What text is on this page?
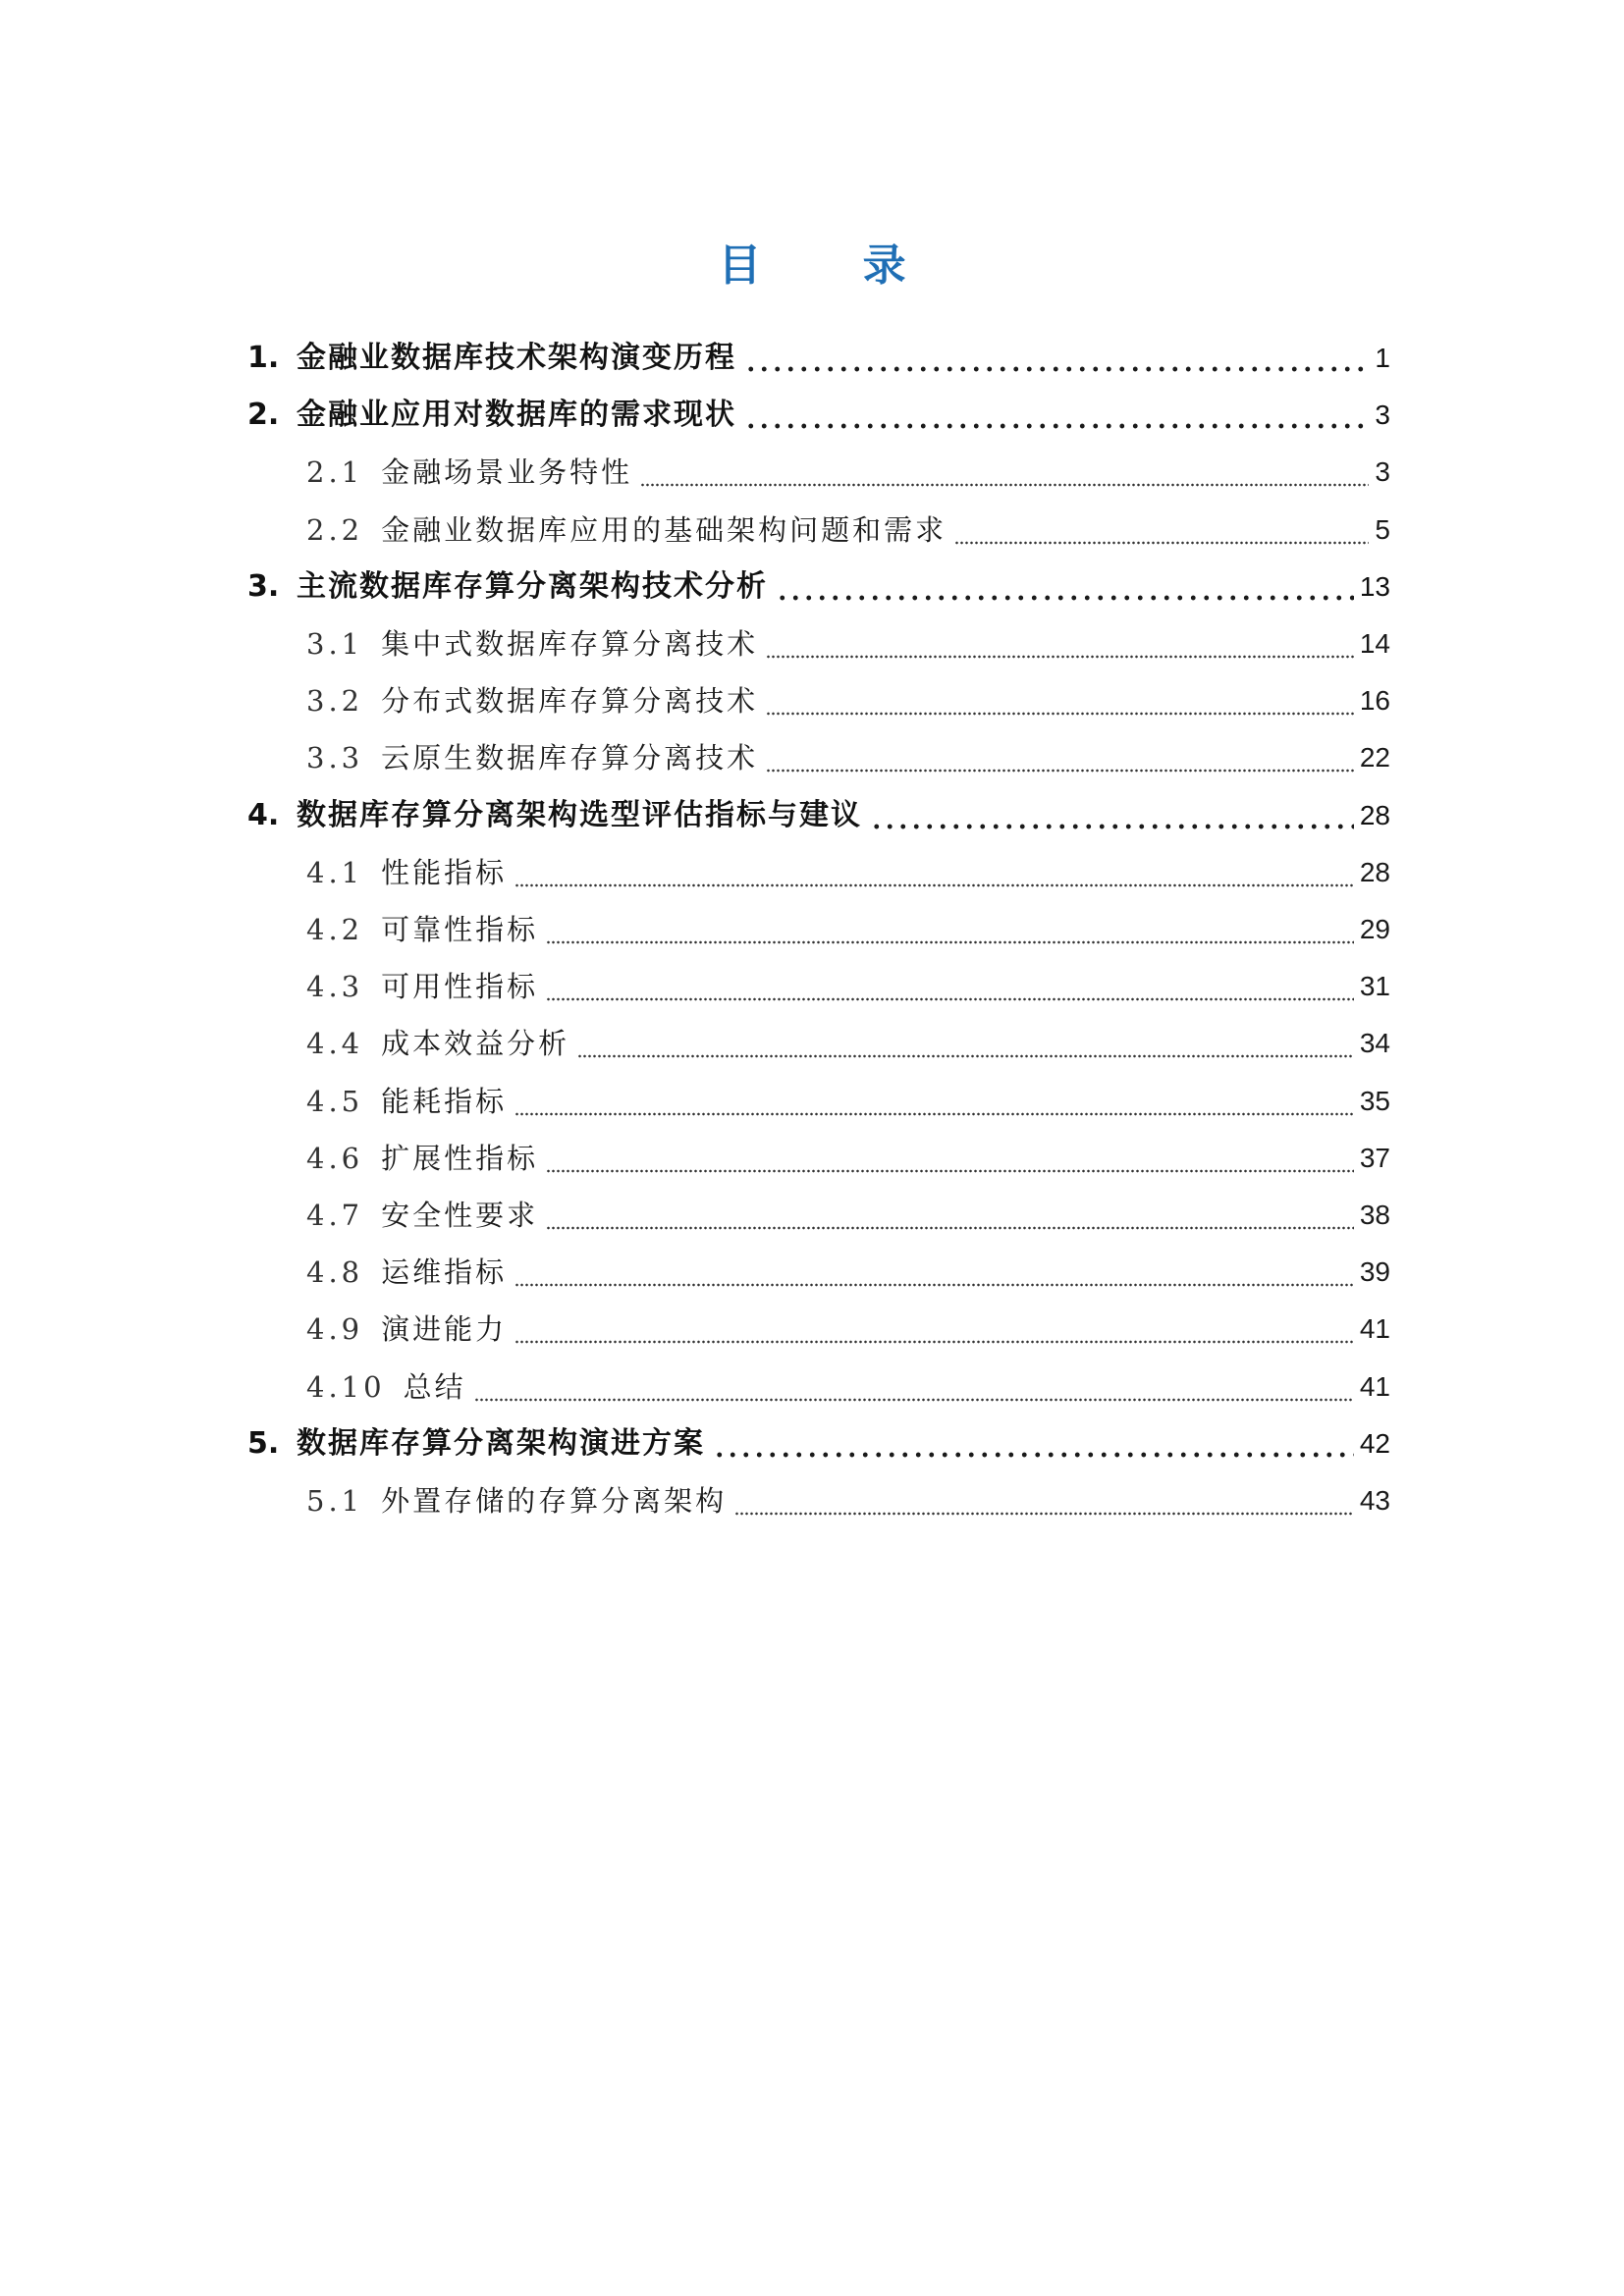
目 录
1. 金融业数据库技术架构演变历程	1
2. 金融业应用对数据库的需求现状	3
2.1 金融场景业务特性	3
2.2 金融业数据库应用的基础架构问题和需求	5
3. 主流数据库存算分离架构技术分析	13
3.1 集中式数据库存算分离技术	14
3.2 分布式数据库存算分离技术	16
3.3 云原生数据库存算分离技术	22
4. 数据库存算分离架构选型评估指标与建议	28
4.1 性能指标	28
4.2 可靠性指标	29
4.3 可用性指标	31
4.4 成本效益分析	34
4.5 能耗指标	35
4.6 扩展性指标	37
4.7 安全性要求	38
4.8 运维指标	39
4.9 演进能力	41
4.10 总结	41
5. 数据库存算分离架构演进方案	42
5.1 外置存储的存算分离架构	43
